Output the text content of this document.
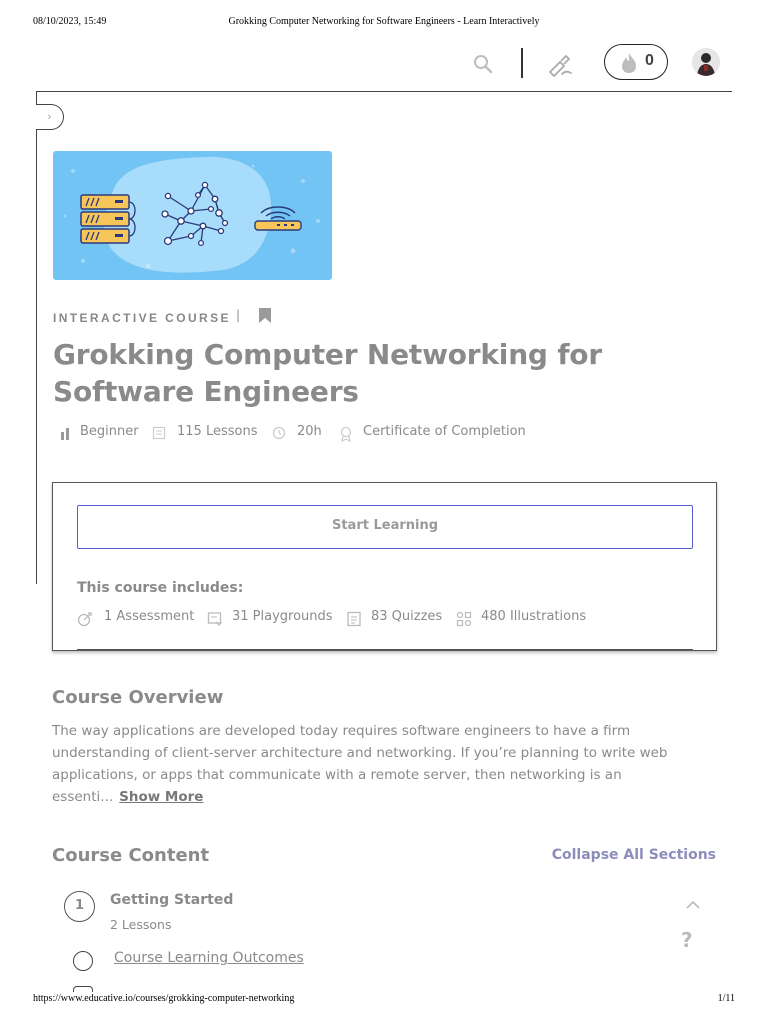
08/10/2023, 15:49	Grokking Computer Networking for Software Engineers - Learn Interactively
0
›
INTERACTIVE COURSE |
Grokking Computer Networking for Software Engineers
Beginner	115 Lessons	20h	Certificate of Completion
Start Learning
This course includes:
1 Assessment	31 Playgrounds	83 Quizzes	480 Illustrations
Course Overview

The way applications are developed today requires software engineers to have a firm understanding of client-server architecture and networking. If you’re planning to write web applications, or apps that communicate with a remote server, then networking is an essenti... Show More

Course Content	Collapse All Sections
1	Getting Started
2 Lessons
?
Course Learning Outcomes
https://www.educative.io/courses/grokking-computer-networking	1/11
